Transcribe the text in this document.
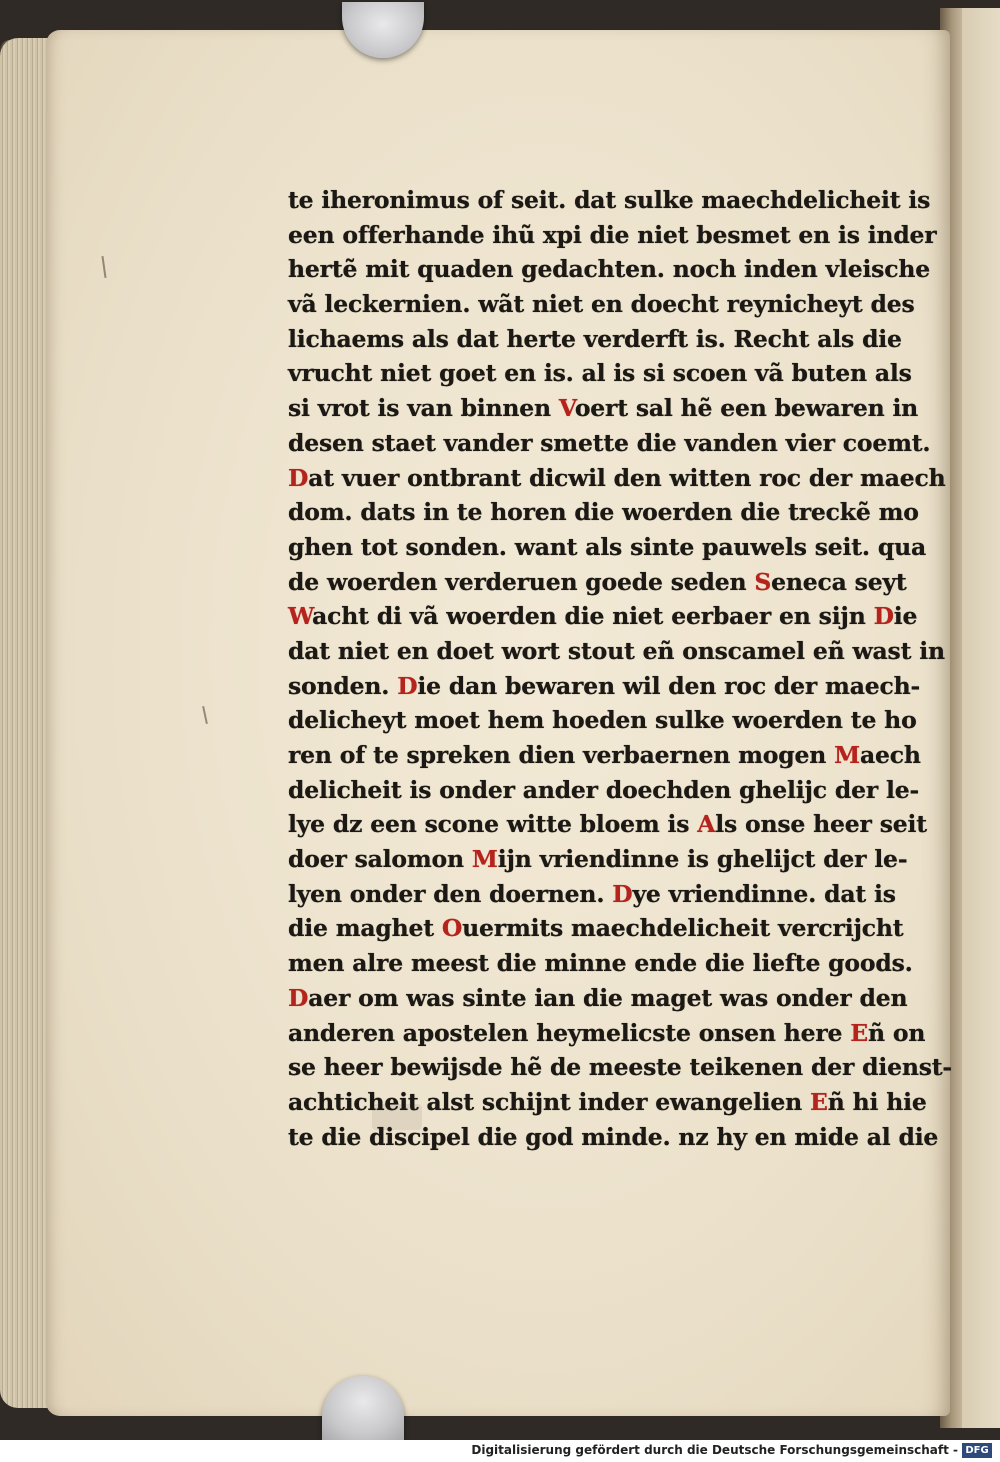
te iheronimus of seit. dat sulke maechdelicheit is
een offerhande ihũ xpi die niet besmet en is inder
hertẽ mit quaden gedachten. noch inden vleische
vã leckernien. wãt niet en doecht reynicheyt des
lichaems als dat herte verderft is. Recht als die
vrucht niet goet en is. al is si scoen vã buten als
si vrot is van binnen Voert sal hẽ een bewaren in
desen staet vander smette die vanden vier coemt.
Dat vuer ontbrant dicwil den witten roc der maech
dom. dats in te horen die woerden die treckẽ mo
ghen tot sonden. want als sinte pauwels seit. qua
de woerden verderuen goede seden Seneca seyt
Wacht di vã woerden die niet eerbaer en sijn Die
dat niet en doet wort stout eñ onscamel eñ wast in
sonden. Die dan bewaren wil den roc der maech-
delicheyt moet hem hoeden sulke woerden te ho
ren of te spreken dien verbaernen mogen Maech
delicheit is onder ander doechden ghelijc der le-
lye dz een scone witte bloem is Als onse heer seit
doer salomon Mijn vriendinne is ghelijct der le-
lyen onder den doernen. Dye vriendinne. dat is
die maghet Ouermits maechdelicheit vercrijcht
men alre meest die minne ende die liefte goods.
Daer om was sinte ian die maget was onder den
anderen apostelen heymelicste onsen here Eñ on
se heer bewijsde hẽ de meeste teikenen der dienst-
achticheit alst schijnt inder ewangelien Eñ hi hie
te die discipel die god minde. nz hy en mide al die
Digitalisierung gefördert durch die Deutsche Forschungsgemeinschaft - DFG
